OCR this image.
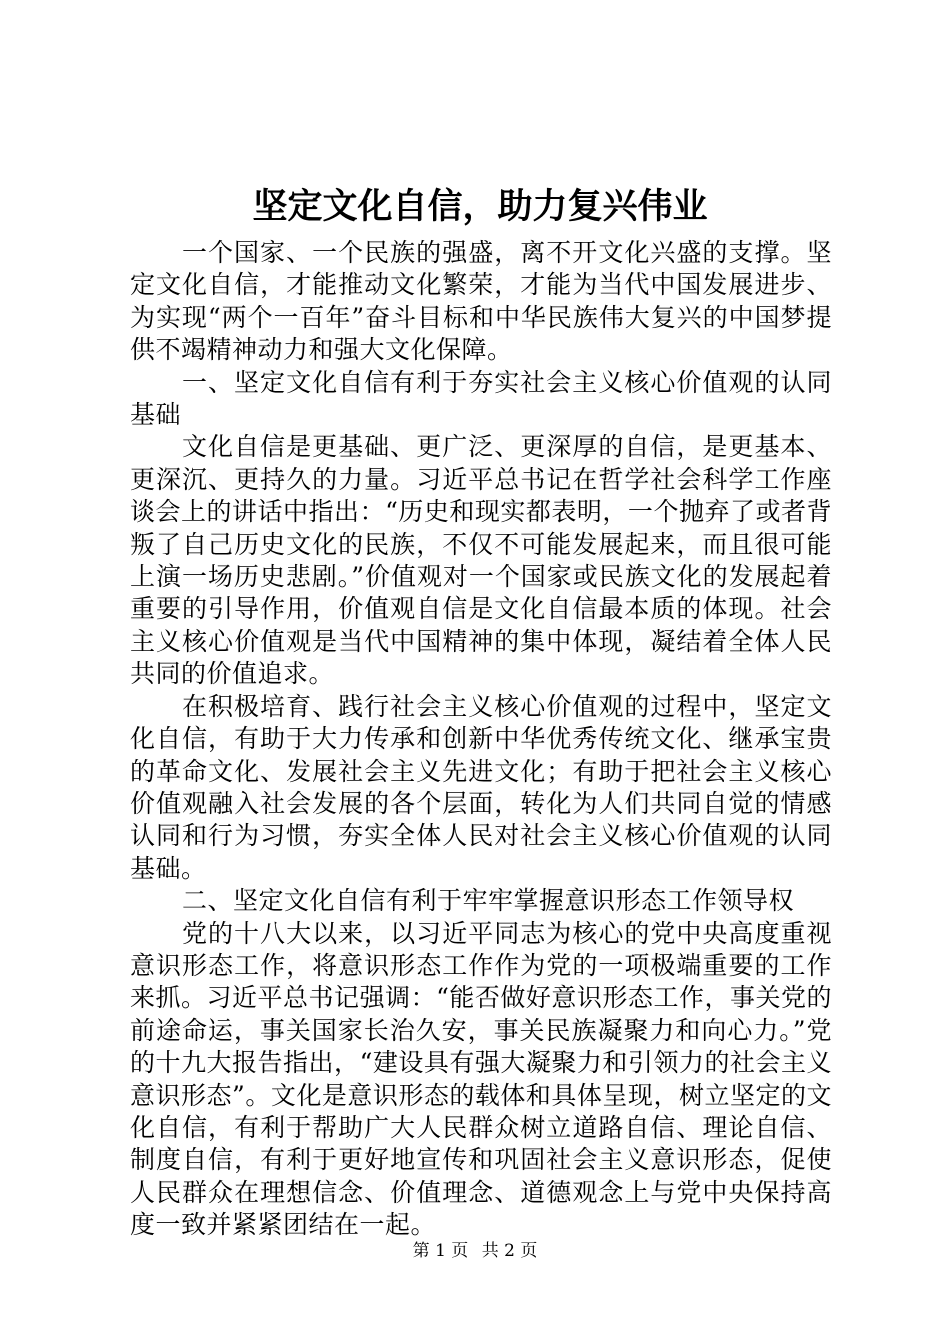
坚定文化自信，助力复兴伟业

一个国家、一个民族的强盛，离不开文化兴盛的支撑。坚定文化自信，才能推动文化繁荣，才能为当代中国发展进步、为实现“两个一百年”奋斗目标和中华民族伟大复兴的中国梦提供不竭精神动力和强大文化保障。

一、坚定文化自信有利于夯实社会主义核心价值观的认同基础

文化自信是更基础、更广泛、更深厚的自信，是更基本、更深沉、更持久的力量。习近平总书记在哲学社会科学工作座谈会上的讲话中指出：“历史和现实都表明，一个抛弃了或者背叛了自己历史文化的民族，不仅不可能发展起来，而且很可能上演一场历史悲剧。”价值观对一个国家或民族文化的发展起着重要的引导作用，价值观自信是文化自信最本质的体现。社会主义核心价值观是当代中国精神的集中体现，凝结着全体人民共同的价值追求。

在积极培育、践行社会主义核心价值观的过程中，坚定文化自信，有助于大力传承和创新中华优秀传统文化、继承宝贵的革命文化、发展社会主义先进文化；有助于把社会主义核心价值观融入社会发展的各个层面，转化为人们共同自觉的情感认同和行为习惯，夯实全体人民对社会主义核心价值观的认同基础。

二、坚定文化自信有利于牢牢掌握意识形态工作领导权

党的十八大以来，以习近平同志为核心的党中央高度重视意识形态工作，将意识形态工作作为党的一项极端重要的工作来抓。习近平总书记强调：“能否做好意识形态工作，事关党的前途命运，事关国家长治久安，事关民族凝聚力和向心力。”党的十九大报告指出，“建设具有强大凝聚力和引领力的社会主义意识形态”。文化是意识形态的载体和具体呈现，树立坚定的文化自信，有利于帮助广大人民群众树立道路自信、理论自信、制度自信，有利于更好地宣传和巩固社会主义意识形态，促使人民群众在理想信念、价值理念、道德观念上与党中央保持高度一致并紧紧团结在一起。

第 1 页 共 2 页
